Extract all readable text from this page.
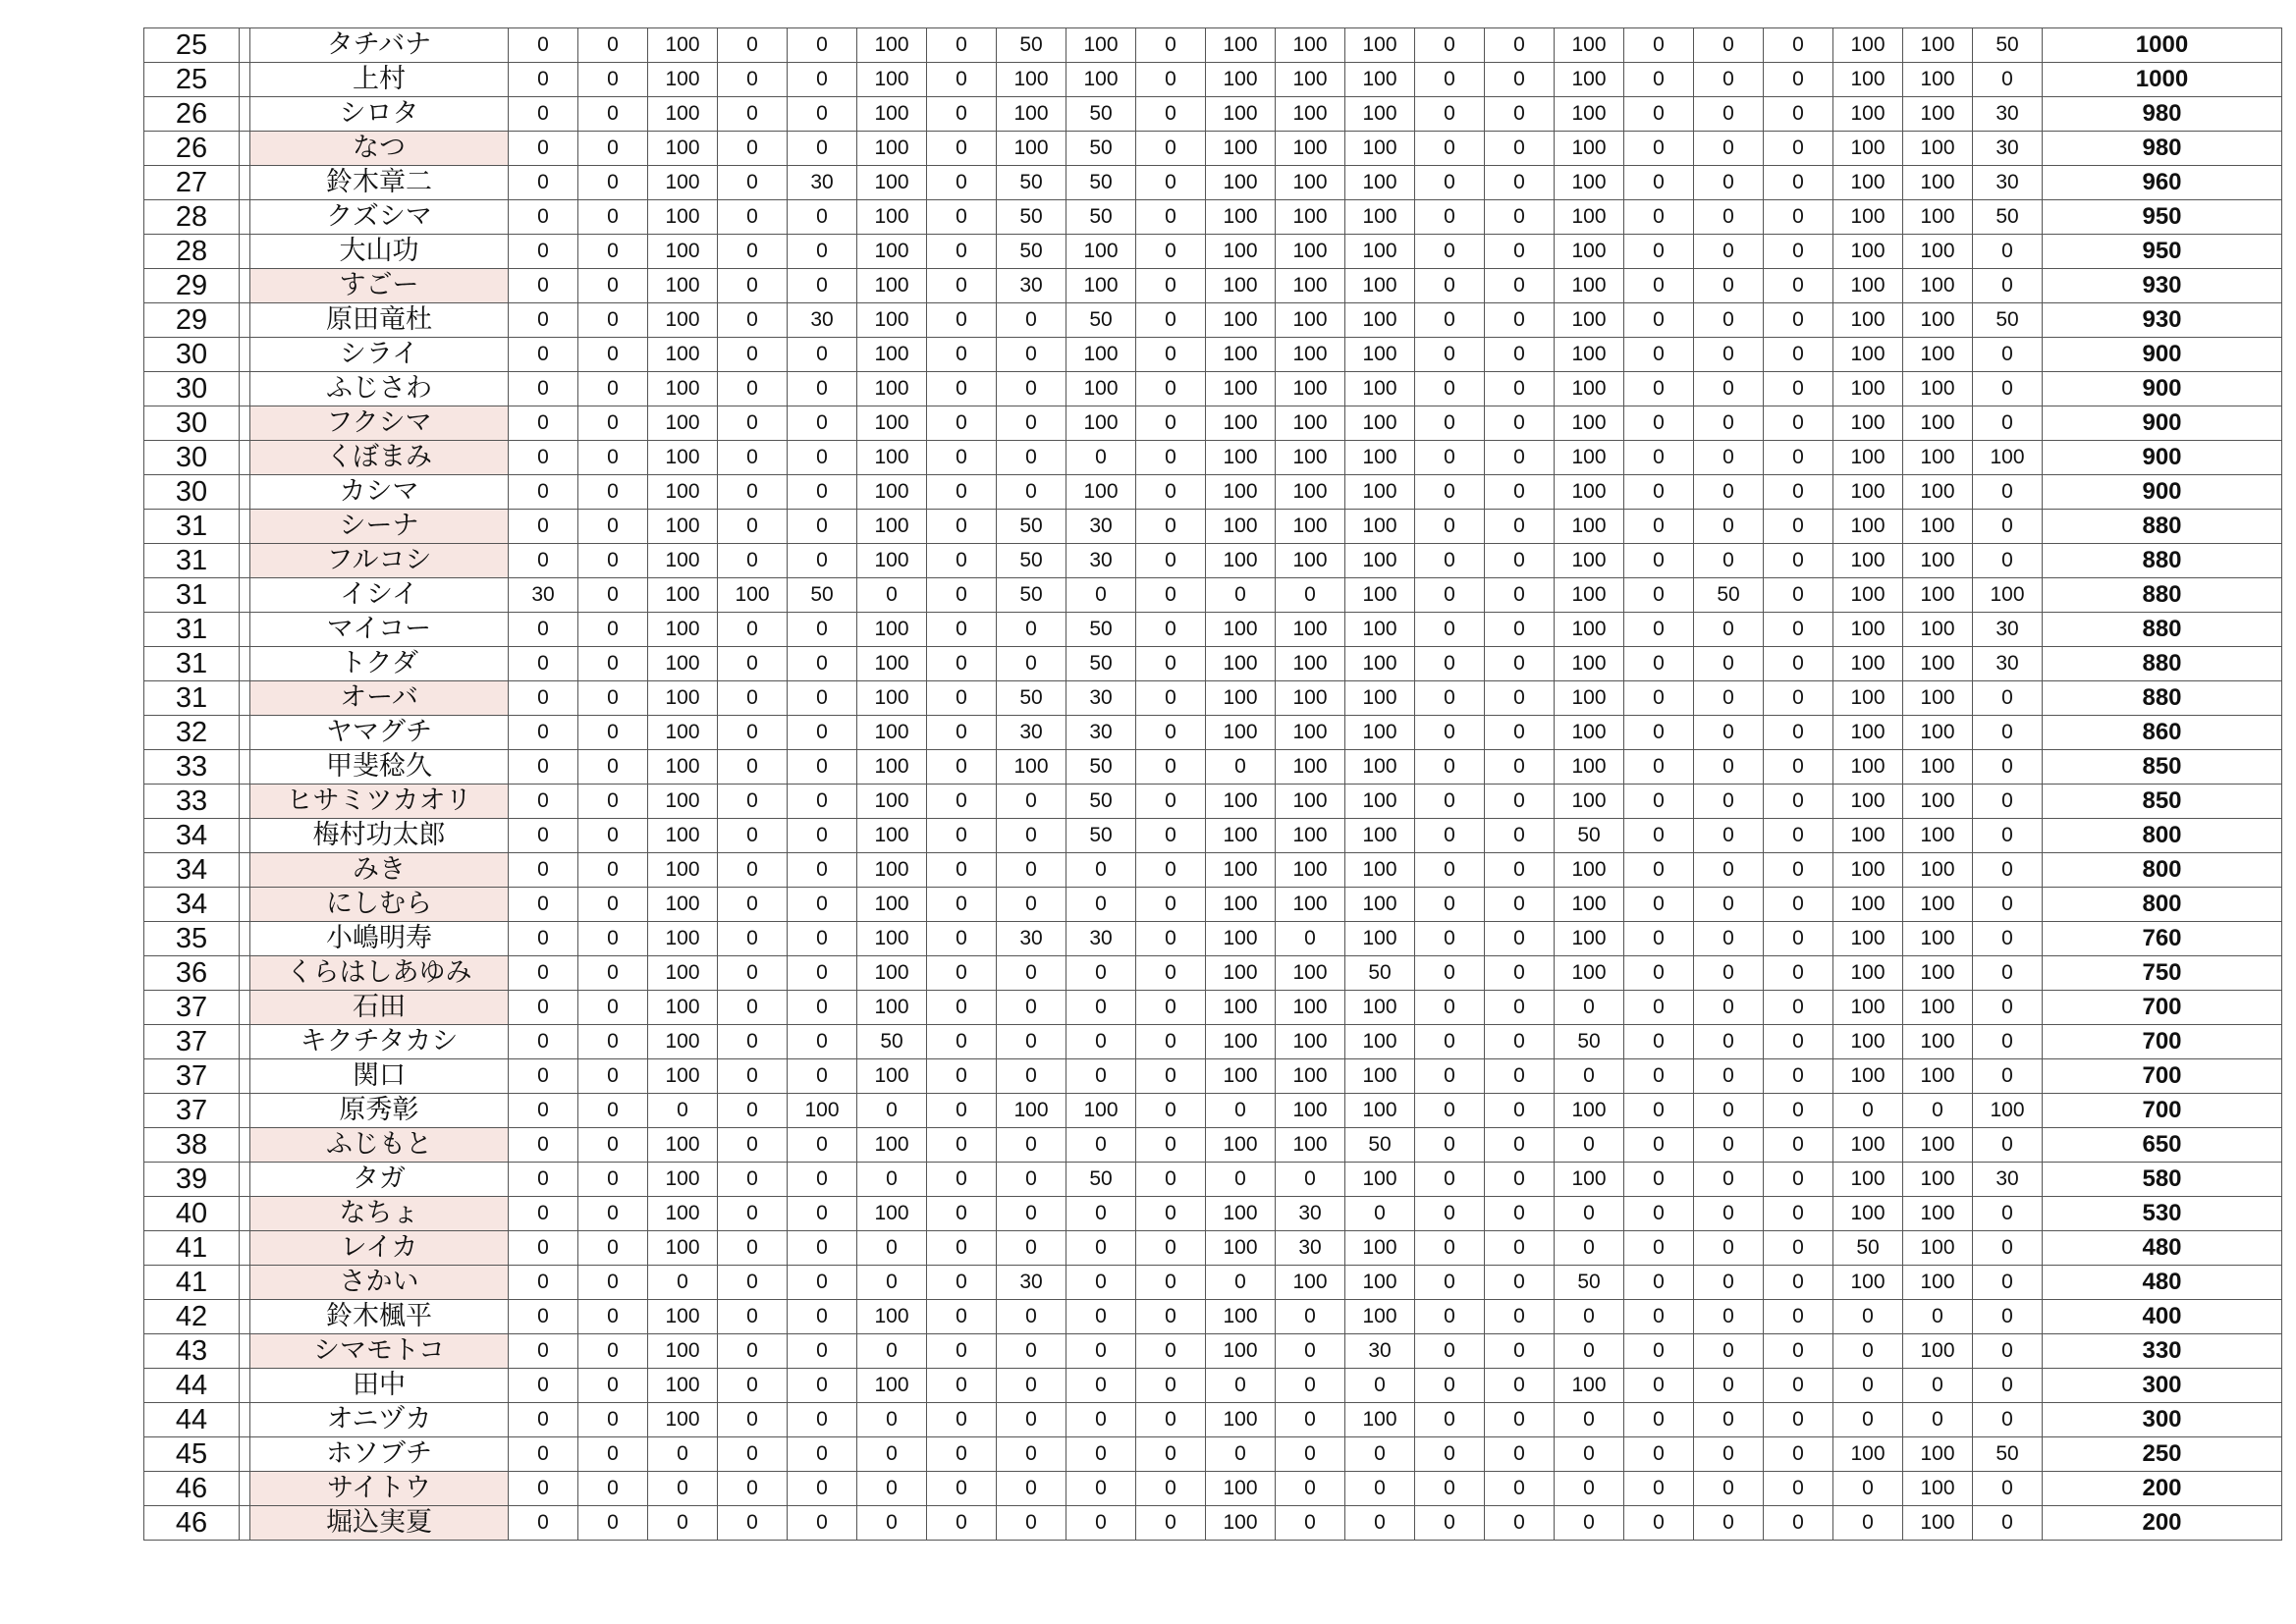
25		タチバナ	0	0	100	0	0	100	0	50	100	0	100	100	100	0	0	100	0	0	0	100	100	50	1000	
25		上村	0	0	100	0	0	100	0	100	100	0	100	100	100	0	0	100	0	0	0	100	100	0	1000	
26		シロタ	0	0	100	0	0	100	0	100	50	0	100	100	100	0	0	100	0	0	0	100	100	30	980	
26		なつ	0	0	100	0	0	100	0	100	50	0	100	100	100	0	0	100	0	0	0	100	100	30	980	
27		鈴木章二	0	0	100	0	30	100	0	50	50	0	100	100	100	0	0	100	0	0	0	100	100	30	960	
28		クズシマ	0	0	100	0	0	100	0	50	50	0	100	100	100	0	0	100	0	0	0	100	100	50	950	
28		大山功	0	0	100	0	0	100	0	50	100	0	100	100	100	0	0	100	0	0	0	100	100	0	950	
29		すごー	0	0	100	0	0	100	0	30	100	0	100	100	100	0	0	100	0	0	0	100	100	0	930	
29		原田竜杜	0	0	100	0	30	100	0	0	50	0	100	100	100	0	0	100	0	0	0	100	100	50	930	
30		シライ	0	0	100	0	0	100	0	0	100	0	100	100	100	0	0	100	0	0	0	100	100	0	900	
30		ふじさわ	0	0	100	0	0	100	0	0	100	0	100	100	100	0	0	100	0	0	0	100	100	0	900	
30		フクシマ	0	0	100	0	0	100	0	0	100	0	100	100	100	0	0	100	0	0	0	100	100	0	900	
30		くぼまみ	0	0	100	0	0	100	0	0	0	0	100	100	100	0	0	100	0	0	0	100	100	100	900	
30		カシマ	0	0	100	0	0	100	0	0	100	0	100	100	100	0	0	100	0	0	0	100	100	0	900	
31		シーナ	0	0	100	0	0	100	0	50	30	0	100	100	100	0	0	100	0	0	0	100	100	0	880	
31		フルコシ	0	0	100	0	0	100	0	50	30	0	100	100	100	0	0	100	0	0	0	100	100	0	880	
31		イシイ	30	0	100	100	50	0	0	50	0	0	0	0	100	0	0	100	0	50	0	100	100	100	880	
31		マイコー	0	0	100	0	0	100	0	0	50	0	100	100	100	0	0	100	0	0	0	100	100	30	880	
31		トクダ	0	0	100	0	0	100	0	0	50	0	100	100	100	0	0	100	0	0	0	100	100	30	880	
31		オーバ	0	0	100	0	0	100	0	50	30	0	100	100	100	0	0	100	0	0	0	100	100	0	880	
32		ヤマグチ	0	0	100	0	0	100	0	30	30	0	100	100	100	0	0	100	0	0	0	100	100	0	860	
33		甲斐稔久	0	0	100	0	0	100	0	100	50	0	0	100	100	0	0	100	0	0	0	100	100	0	850	
33		ヒサミツカオリ	0	0	100	0	0	100	0	0	50	0	100	100	100	0	0	100	0	0	0	100	100	0	850	
34		梅村功太郎	0	0	100	0	0	100	0	0	50	0	100	100	100	0	0	50	0	0	0	100	100	0	800	
34		みき	0	0	100	0	0	100	0	0	0	0	100	100	100	0	0	100	0	0	0	100	100	0	800	
34		にしむら	0	0	100	0	0	100	0	0	0	0	100	100	100	0	0	100	0	0	0	100	100	0	800	
35		小嶋明寿	0	0	100	0	0	100	0	30	30	0	100	0	100	0	0	100	0	0	0	100	100	0	760	
36		くらはしあゆみ	0	0	100	0	0	100	0	0	0	0	100	100	50	0	0	100	0	0	0	100	100	0	750	
37		石田	0	0	100	0	0	100	0	0	0	0	100	100	100	0	0	0	0	0	0	100	100	0	700	
37		キクチタカシ	0	0	100	0	0	50	0	0	0	0	100	100	100	0	0	50	0	0	0	100	100	0	700	
37		関口	0	0	100	0	0	100	0	0	0	0	100	100	100	0	0	0	0	0	0	100	100	0	700	
37		原秀彰	0	0	0	0	100	0	0	100	100	0	0	100	100	0	0	100	0	0	0	0	0	100	700	
38		ふじもと	0	0	100	0	0	100	0	0	0	0	100	100	50	0	0	0	0	0	0	100	100	0	650	
39		タガ	0	0	100	0	0	0	0	0	50	0	0	0	100	0	0	100	0	0	0	100	100	30	580	
40		なちょ	0	0	100	0	0	100	0	0	0	0	100	30	0	0	0	0	0	0	0	100	100	0	530	
41		レイカ	0	0	100	0	0	0	0	0	0	0	100	30	100	0	0	0	0	0	0	50	100	0	480	
41		さかい	0	0	0	0	0	0	0	30	0	0	0	100	100	0	0	50	0	0	0	100	100	0	480	
42		鈴木楓平	0	0	100	0	0	100	0	0	0	0	100	0	100	0	0	0	0	0	0	0	0	0	400	
43		シマモトコ	0	0	100	0	0	0	0	0	0	0	100	0	30	0	0	0	0	0	0	0	100	0	330	
44		田中	0	0	100	0	0	100	0	0	0	0	0	0	0	0	0	100	0	0	0	0	0	0	300	
44		オニヅカ	0	0	100	0	0	0	0	0	0	0	100	0	100	0	0	0	0	0	0	0	0	0	300	
45		ホソブチ	0	0	0	0	0	0	0	0	0	0	0	0	0	0	0	0	0	0	0	100	100	50	250	
46		サイトウ	0	0	0	0	0	0	0	0	0	0	100	0	0	0	0	0	0	0	0	0	100	0	200	
46		堀込実夏	0	0	0	0	0	0	0	0	0	0	100	0	0	0	0	0	0	0	0	0	100	0	200	
